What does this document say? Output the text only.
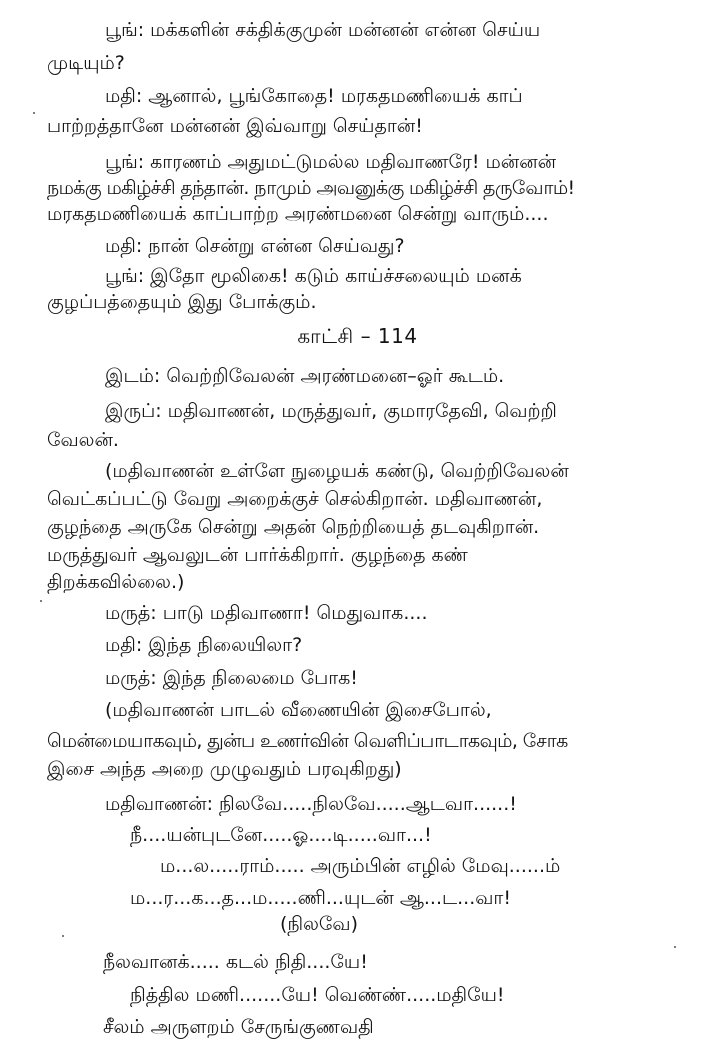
பூங்: மக்களின் சக்திக்குமுன் மன்னன் என்ன செய்ய
முடியும்?
மதி: ஆனால், பூங்கோதை! மரகதமணியைக் காப்
பாற்றத்தானே மன்னன் இவ்வாறு செய்தான்!
பூங்: காரணம் அதுமட்டுமல்ல மதிவாணரே! மன்னன்
நமக்கு மகிழ்ச்சி தந்தான். நாமும் அவனுக்கு மகிழ்ச்சி தருவோம்!
மரகதமணியைக் காப்பாற்ற அரண்மனை சென்று வாரும்....
மதி: நான் சென்று என்ன செய்வது?
பூங்: இதோ மூலிகை! கடும் காய்ச்சலையும் மனக்
குழப்பத்தையும் இது போக்கும்.
காட்சி – 114
இடம்: வெற்றிவேலன் அரண்மனை–ஓர் கூடம்.
இருப்: மதிவாணன், மருத்துவர், குமாரதேவி, வெற்றி
வேலன்.
(மதிவாணன் உள்ளே நுழையக் கண்டு, வெற்றிவேலன்
வெட்கப்பட்டு வேறு அறைக்குச் செல்கிறான். மதிவாணன்,
குழந்தை அருகே சென்று அதன் நெற்றியைத் தடவுகிறான்.
மருத்துவர் ஆவலுடன் பார்க்கிறார். குழந்தை கண்
திறக்கவில்லை.)
மருத்: பாடு மதிவாணா! மெதுவாக....
மதி: இந்த நிலையிலா?
மருத்: இந்த நிலைமை போக!
(மதிவாணன் பாடல் வீணையின் இசைபோல்,
மென்மையாகவும், துன்ப உணர்வின் வெளிப்பாடாகவும், சோக
இசை அந்த அறை முழுவதும் பரவுகிறது)
மதிவாணன்: நிலவே.....நிலவே.....ஆடவா......!
நீ....யன்புடனே.....ஓ....டி.....வா...!
ம...ல.....ராம்..... அரும்பின் எழில் மேவு......ம்
ம...ர...க...த...ம.....ணி...யுடன் ஆ...ட...வா!
(நிலவே)
நீலவானக்..... கடல் நிதி....யே!
நித்தில மணி.......யே! வெண்ண்.....மதியே!
சீலம் அருளறம் சேருங்குணவதி
